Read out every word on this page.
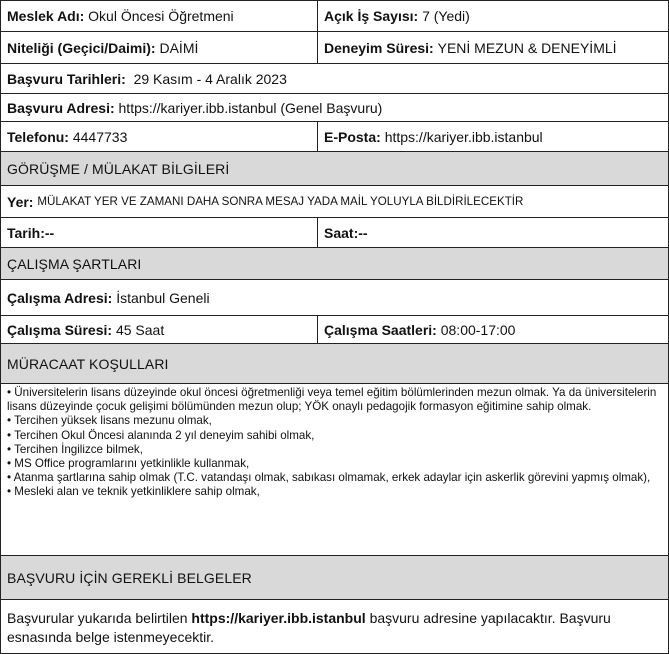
Meslek Adı:
Okul Öncesi Öğretmeni	Açık İş Sayısı:
7 (Yedi)
Niteliği (Geçici/Daimi):
DAİMİ	Deneyim Süresi:
YENİ MEZUN & DENEYİMLİ
Başvuru Tarihleri:
29 Kasım - 4 Aralık 2023
Başvuru Adresi:
https://kariyer.ibb.istanbul (Genel Başvuru)
Telefonu:
4447733	E-Posta:
https://kariyer.ibb.istanbul
GÖRÜŞME / MÜLAKAT BİLGİLERİ
Yer:
MÜLAKAT YER VE ZAMANI DAHA SONRA MESAJ YADA MAİL YOLUYLA BİLDİRİLECEKTİR
Tarih:--	Saat:--
ÇALIŞMA ŞARTLARI
Çalışma Adresi:
İstanbul Geneli
Çalışma Süresi:
45 Saat	Çalışma Saatleri:
08:00-17:00
MÜRACAAT KOŞULLARI
• Üniversitelerin lisans düzeyinde okul öncesi öğretmenliği veya temel eğitim bölümlerinden mezun olmak. Ya da üniversitelerin lisans düzeyinde çocuk gelişimi bölümünden mezun olup; YÖK onaylı pedagojik formasyon eğitimine sahip olmak.
• Tercihen yüksek lisans mezunu olmak,
• Tercihen Okul Öncesi alanında 2 yıl deneyim sahibi olmak,
• Tercihen İngilizce bilmek,
• MS Office programlarını yetkinlikle kullanmak,
• Atanma şartlarına sahip olmak (T.C. vatandaşı olmak, sabıkası olmamak, erkek adaylar için askerlik görevini yapmış olmak),
• Mesleki alan ve teknik yetkinliklere sahip olmak,
BAŞVURU İÇİN GEREKLİ BELGELER
Başvurular yukarıda belirtilen https://kariyer.ibb.istanbul başvuru adresine yapılacaktır. Başvuru esnasında belge istenmeyecektir.
